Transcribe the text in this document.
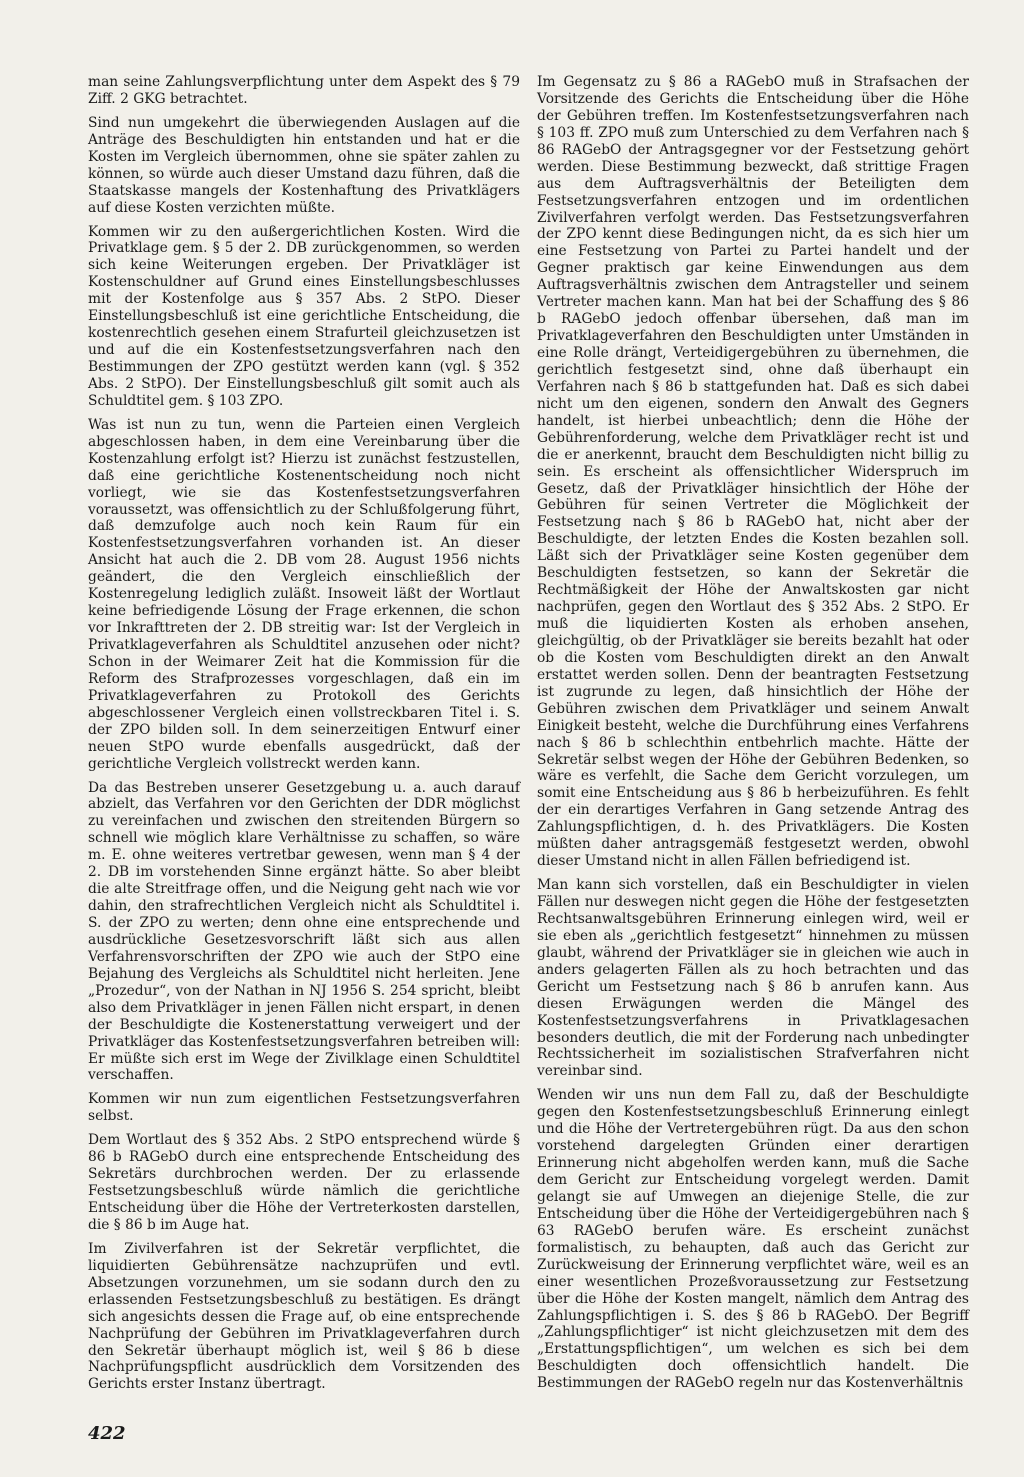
man seine Zahlungsverpflichtung unter dem Aspekt des § 79 Ziff. 2 GKG betrachtet.

Sind nun umgekehrt die überwiegenden Auslagen auf die Anträge des Beschuldigten hin entstanden und hat er die Kosten im Vergleich übernommen, ohne sie später zahlen zu können, so würde auch dieser Umstand dazu führen, daß die Staatskasse mangels der Kostenhaftung des Privatklägers auf diese Kosten verzichten müßte.

Kommen wir zu den außergerichtlichen Kosten. Wird die Privatklage gem. § 5 der 2. DB zurückgenommen, so werden sich keine Weiterungen ergeben. Der Privatkläger ist Kostenschuldner auf Grund eines Einstellungsbeschlusses mit der Kostenfolge aus § 357 Abs. 2 StPO. Dieser Einstellungsbeschluß ist eine gerichtliche Entscheidung, die kostenrechtlich gesehen einem Strafurteil gleichzusetzen ist und auf die ein Kostenfestsetzungsverfahren nach den Bestimmungen der ZPO gestützt werden kann (vgl. § 352 Abs. 2 StPO). Der Einstellungsbeschluß gilt somit auch als Schuldtitel gem. § 103 ZPO.

Was ist nun zu tun, wenn die Parteien einen Vergleich abgeschlossen haben, in dem eine Vereinbarung über die Kostenzahlung erfolgt ist? Hierzu ist zunächst festzustellen, daß eine gerichtliche Kostenentscheidung noch nicht vorliegt, wie sie das Kostenfestsetzungsverfahren voraussetzt, was offensichtlich zu der Schlußfolgerung führt, daß demzufolge auch noch kein Raum für ein Kostenfestsetzungsverfahren vorhanden ist. An dieser Ansicht hat auch die 2. DB vom 28. August 1956 nichts geändert, die den Vergleich einschließlich der Kostenregelung lediglich zuläßt. Insoweit läßt der Wortlaut keine befriedigende Lösung der Frage erkennen, die schon vor Inkrafttreten der 2. DB streitig war: Ist der Vergleich in Privatklageverfahren als Schuldtitel anzusehen oder nicht? Schon in der Weimarer Zeit hat die Kommission für die Reform des Strafprozesses vorgeschlagen, daß ein im Privatklageverfahren zu Protokoll des Gerichts abgeschlossener Vergleich einen vollstreckbaren Titel i. S. der ZPO bilden soll. In dem seinerzeitigen Entwurf einer neuen StPO wurde ebenfalls ausgedrückt, daß der gerichtliche Vergleich vollstreckt werden kann.

Da das Bestreben unserer Gesetzgebung u. a. auch darauf abzielt, das Verfahren vor den Gerichten der DDR möglichst zu vereinfachen und zwischen den streitenden Bürgern so schnell wie möglich klare Verhältnisse zu schaffen, so wäre m. E. ohne weiteres vertretbar gewesen, wenn man § 4 der 2. DB im vorstehenden Sinne ergänzt hätte. So aber bleibt die alte Streitfrage offen, und die Neigung geht nach wie vor dahin, den strafrechtlichen Vergleich nicht als Schuldtitel i. S. der ZPO zu werten; denn ohne eine entsprechende und ausdrückliche Gesetzesvorschrift läßt sich aus allen Verfahrensvorschriften der ZPO wie auch der StPO eine Bejahung des Vergleichs als Schuldtitel nicht herleiten. Jene „Prozedur“, von der Nathan in NJ 1956 S. 254 spricht, bleibt also dem Privatkläger in jenen Fällen nicht erspart, in denen der Beschuldigte die Kostenerstattung verweigert und der Privatkläger das Kostenfestsetzungsverfahren betreiben will: Er müßte sich erst im Wege der Zivilklage einen Schuldtitel verschaffen.

Kommen wir nun zum eigentlichen Festsetzungsverfahren selbst.

Dem Wortlaut des § 352 Abs. 2 StPO entsprechend würde § 86 b RAGebO durch eine entsprechende Entscheidung des Sekretärs durchbrochen werden. Der zu erlassende Festsetzungsbeschluß würde nämlich die gerichtliche Entscheidung über die Höhe der Vertreterkosten darstellen, die § 86 b im Auge hat.

Im Zivilverfahren ist der Sekretär verpflichtet, die liquidierten Gebührensätze nachzuprüfen und evtl. Absetzungen vorzunehmen, um sie sodann durch den zu erlassenden Festsetzungsbeschluß zu bestätigen. Es drängt sich angesichts dessen die Frage auf, ob eine entsprechende Nachprüfung der Gebühren im Privatklageverfahren durch den Sekretär überhaupt möglich ist, weil § 86 b diese Nachprüfungspflicht ausdrücklich dem Vorsitzenden des Gerichts erster Instanz übertragt.

Im Gegensatz zu § 86 a RAGebO muß in Strafsachen der Vorsitzende des Gerichts die Entscheidung über die Höhe der Gebühren treffen. Im Kostenfestsetzungsverfahren nach § 103 ff. ZPO muß zum Unterschied zu dem Verfahren nach § 86 RAGebO der Antragsgegner vor der Festsetzung gehört werden. Diese Bestimmung bezweckt, daß strittige Fragen aus dem Auftragsverhältnis der Beteiligten dem Festsetzungsverfahren entzogen und im ordentlichen Zivilverfahren verfolgt werden. Das Festsetzungsverfahren der ZPO kennt diese Bedingungen nicht, da es sich hier um eine Festsetzung von Partei zu Partei handelt und der Gegner praktisch gar keine Einwendungen aus dem Auftragsverhältnis zwischen dem Antragsteller und seinem Vertreter machen kann. Man hat bei der Schaffung des § 86 b RAGebO jedoch offenbar übersehen, daß man im Privatklageverfahren den Beschuldigten unter Umständen in eine Rolle drängt, Verteidigergebühren zu übernehmen, die gerichtlich festgesetzt sind, ohne daß überhaupt ein Verfahren nach § 86 b stattgefunden hat. Daß es sich dabei nicht um den eigenen, sondern den Anwalt des Gegners handelt, ist hierbei unbeachtlich; denn die Höhe der Gebührenforderung, welche dem Privatkläger recht ist und die er anerkennt, braucht dem Beschuldigten nicht billig zu sein. Es erscheint als offensichtlicher Widerspruch im Gesetz, daß der Privatkläger hinsichtlich der Höhe der Gebühren für seinen Vertreter die Möglichkeit der Festsetzung nach § 86 b RAGebO hat, nicht aber der Beschuldigte, der letzten Endes die Kosten bezahlen soll. Läßt sich der Privatkläger seine Kosten gegenüber dem Beschuldigten festsetzen, so kann der Sekretär die Rechtmäßigkeit der Höhe der Anwaltskosten gar nicht nachprüfen, gegen den Wortlaut des § 352 Abs. 2 StPO. Er muß die liquidierten Kosten als erhoben ansehen, gleichgültig, ob der Privatkläger sie bereits bezahlt hat oder ob die Kosten vom Beschuldigten direkt an den Anwalt erstattet werden sollen. Denn der beantragten Festsetzung ist zugrunde zu legen, daß hinsichtlich der Höhe der Gebühren zwischen dem Privatkläger und seinem Anwalt Einigkeit besteht, welche die Durchführung eines Verfahrens nach § 86 b schlechthin entbehrlich machte. Hätte der Sekretär selbst wegen der Höhe der Gebühren Bedenken, so wäre es verfehlt, die Sache dem Gericht vorzulegen, um somit eine Entscheidung aus § 86 b herbeizuführen. Es fehlt der ein derartiges Verfahren in Gang setzende Antrag des Zahlungspflichtigen, d. h. des Privatklägers. Die Kosten müßten daher antragsgemäß festgesetzt werden, obwohl dieser Umstand nicht in allen Fällen befriedigend ist.

Man kann sich vorstellen, daß ein Beschuldigter in vielen Fällen nur deswegen nicht gegen die Höhe der festgesetzten Rechtsanwaltsgebühren Erinnerung einlegen wird, weil er sie eben als „gerichtlich festgesetzt“ hinnehmen zu müssen glaubt, während der Privatkläger sie in gleichen wie auch in anders gelagerten Fällen als zu hoch betrachten und das Gericht um Festsetzung nach § 86 b anrufen kann. Aus diesen Erwägungen werden die Mängel des Kostenfestsetzungsverfahrens in Privatklagesachen besonders deutlich, die mit der Forderung nach unbedingter Rechtssicherheit im sozialistischen Strafverfahren nicht vereinbar sind.

Wenden wir uns nun dem Fall zu, daß der Beschuldigte gegen den Kostenfestsetzungsbeschluß Erinnerung einlegt und die Höhe der Vertretergebühren rügt. Da aus den schon vorstehend dargelegten Gründen einer derartigen Erinnerung nicht abgeholfen werden kann, muß die Sache dem Gericht zur Entscheidung vorgelegt werden. Damit gelangt sie auf Umwegen an diejenige Stelle, die zur Entscheidung über die Höhe der Verteidigergebühren nach § 63 RAGebO berufen wäre. Es erscheint zunächst formalistisch, zu behaupten, daß auch das Gericht zur Zurückweisung der Erinnerung verpflichtet wäre, weil es an einer wesentlichen Prozeßvoraussetzung zur Festsetzung über die Höhe der Kosten mangelt, nämlich dem Antrag des Zahlungspflichtigen i. S. des § 86 b RAGebO. Der Begriff „Zahlungspflichtiger“ ist nicht gleichzusetzen mit dem des „Erstattungspflichtigen“, um welchen es sich bei dem Beschuldigten doch offensichtlich handelt. Die Bestimmungen der RAGebO regeln nur das Kostenverhältnis

422
